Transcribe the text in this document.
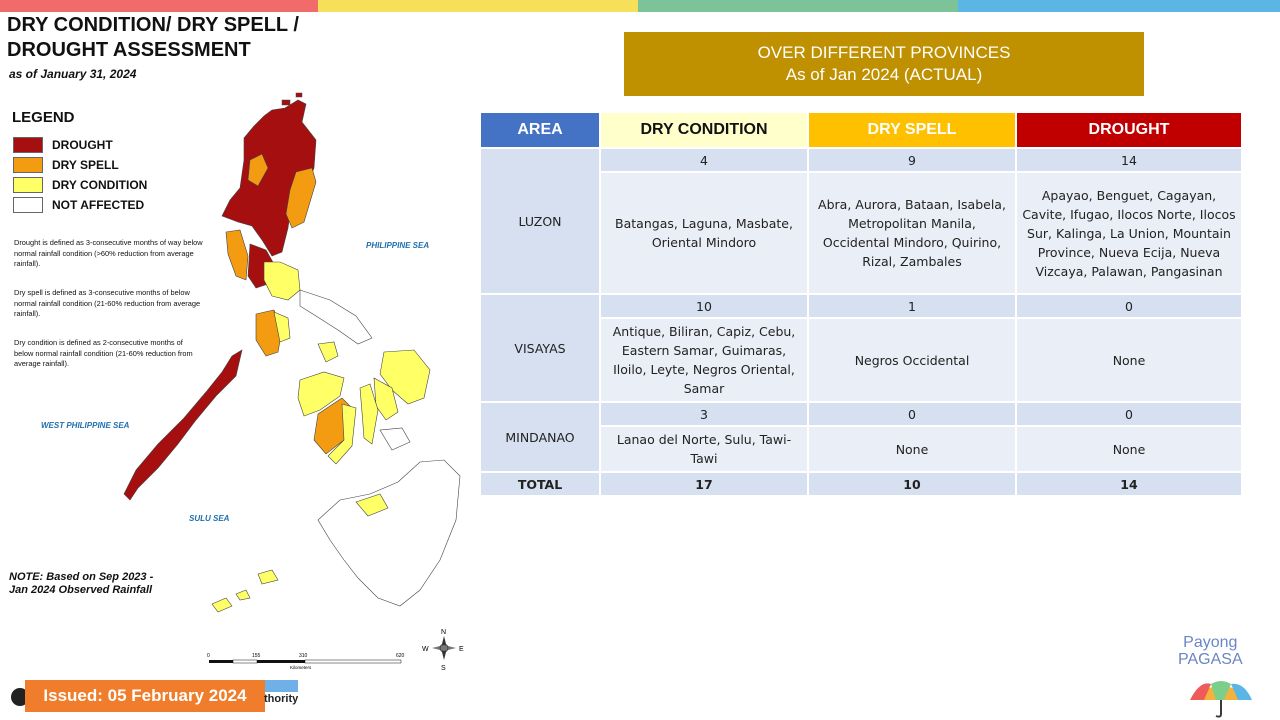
PHILIPPINE SEA
WEST PHILIPPINE SEA
SULU SEA
0	155	310	620
Kilometers
N
S
E
W
DRY CONDITION/ DRY SPELL /
DROUGHT ASSESSMENT
as of January 31, 2024
LEGEND
DROUGHT
DRY SPELL
DRY CONDITION
NOT AFFECTED
Drought is defined as 3-consecutive months of way below normal rainfall condition (>60% reduction from average rainfall).
Dry spell is defined as 3-consecutive months of below normal rainfall condition (21-60% reduction from average rainfall).
Dry condition is defined as 2-consecutive months of below normal rainfall condition (21-60% reduction from average rainfall).
NOTE: Based on Sep 2023 -
Jan 2024 Observed Rainfall
Issued: 05 February 2024	thority
OVER DIFFERENT PROVINCES
As of Jan 2024 (ACTUAL)
AREA	DRY CONDITION	DRY SPELL	DROUGHT
LUZON	4	9	14
	Batangas, Laguna, Masbate, Oriental Mindoro	Abra, Aurora, Bataan, Isabela, Metropolitan Manila, Occidental Mindoro, Quirino, Rizal, Zambales	Apayao, Benguet, Cagayan, Cavite, Ifugao, Ilocos Norte, Ilocos Sur, Kalinga, La Union, Mountain Province, Nueva Ecija, Nueva Vizcaya, Palawan, Pangasinan
VISAYAS	10	1	0
	Antique, Biliran, Capiz, Cebu, Eastern Samar, Guimaras, Iloilo, Leyte, Negros Oriental, Samar	Negros Occidental	None
MINDANAO	3	0	0
	Lanao del Norte, Sulu, Tawi-Tawi	None	None
TOTAL	17	10	14
Payong
PAGASA
